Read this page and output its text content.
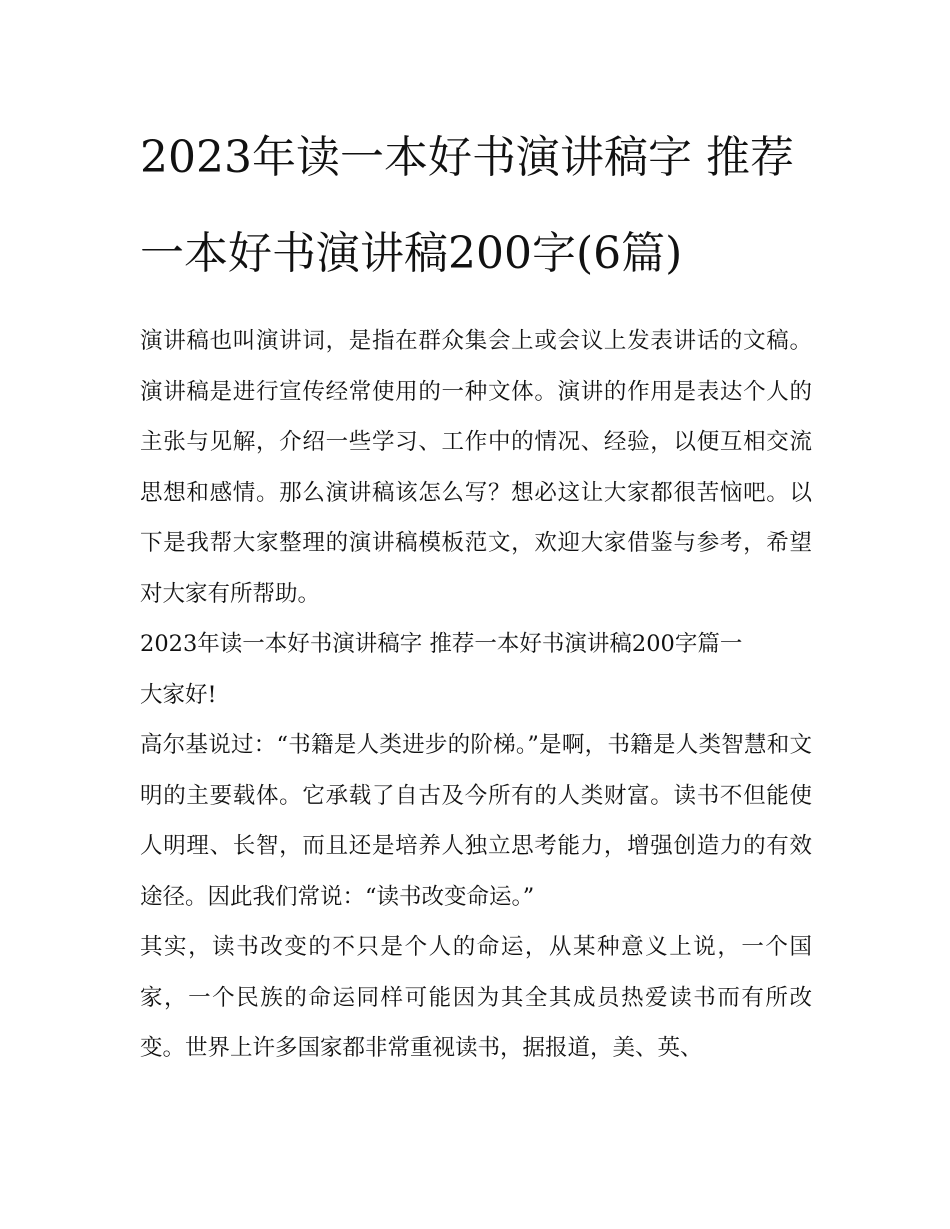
2023年读一本好书演讲稿字 推荐一本好书演讲稿200字(6篇)

演讲稿也叫演讲词，是指在群众集会上或会议上发表讲话的文稿。演讲稿是进行宣传经常使用的一种文体。演讲的作用是表达个人的主张与见解，介绍一些学习、工作中的情况、经验，以便互相交流思想和感情。那么演讲稿该怎么写？想必这让大家都很苦恼吧。以下是我帮大家整理的演讲稿模板范文，欢迎大家借鉴与参考，希望对大家有所帮助。

2023年读一本好书演讲稿字 推荐一本好书演讲稿200字篇一

大家好!

高尔基说过：“书籍是人类进步的阶梯。”是啊，书籍是人类智慧和文明的主要载体。它承载了自古及今所有的人类财富。读书不但能使人明理、长智，而且还是培养人独立思考能力，增强创造力的有效途径。因此我们常说：“读书改变命运。”

其实，读书改变的不只是个人的命运，从某种意义上说，一个国家，一个民族的命运同样可能因为其全其成员热爱读书而有所改变。世界上许多国家都非常重视读书，据报道，美、英、
